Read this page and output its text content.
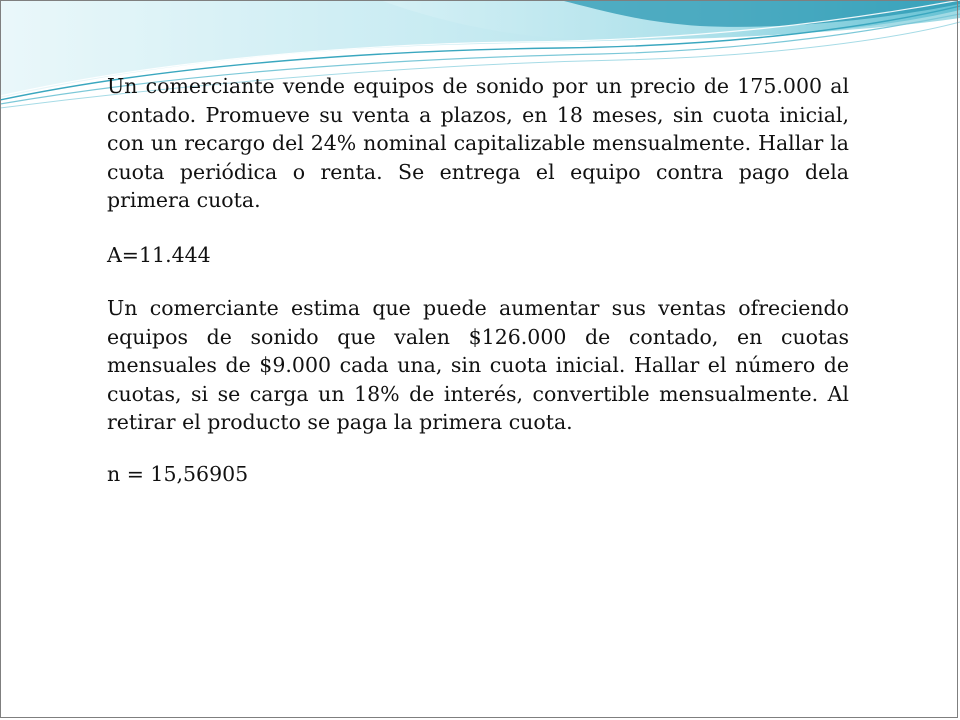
Un comerciante vende equipos de sonido por un precio de 175.000 al contado. Promueve su venta a plazos, en 18 meses, sin cuota inicial, con un recargo del 24% nominal capitalizable mensualmente. Hallar la cuota periódica o renta. Se entrega el equipo contra pago dela primera cuota.

A=11.444

Un comerciante estima que puede aumentar sus ventas ofreciendo equipos de sonido que valen $126.000 de contado, en cuotas mensuales de $9.000 cada una, sin cuota inicial. Hallar el número de cuotas, si se carga un 18% de interés, convertible mensualmente. Al retirar el producto se paga la primera cuota.

n = 15,56905
